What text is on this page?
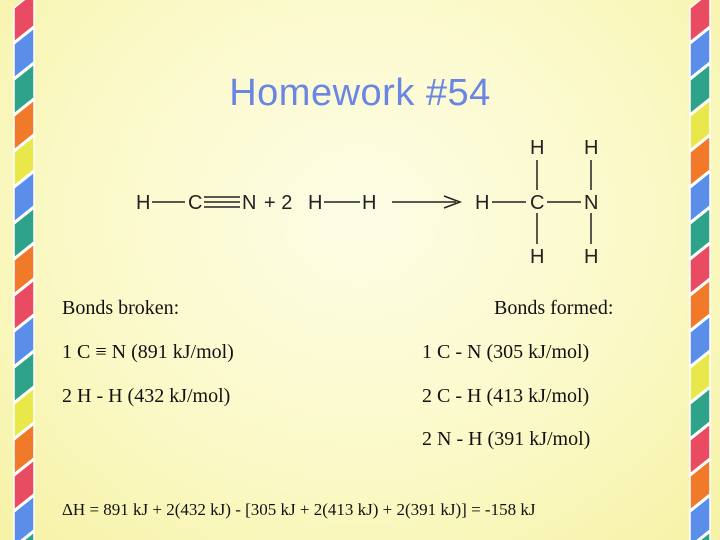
Homework #54
H C N + 2 H H	H C N
H
H
H
H
Bonds broken:
1 C ≡ N (891 kJ/mol)
2 H - H (432 kJ/mol)
Bonds formed:
1 C - N (305 kJ/mol)
2 C - H (413 kJ/mol)
2 N - H (391 kJ/mol)
ΔH = 891 kJ + 2(432 kJ) - [305 kJ + 2(413 kJ) + 2(391 kJ)] = -158 kJ
